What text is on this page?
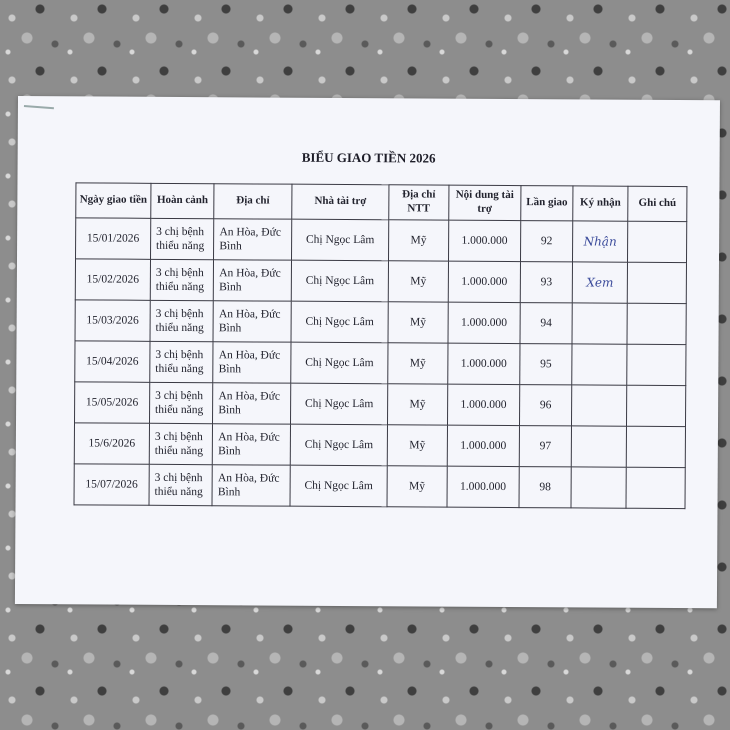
BIỂU GIAO TIỀN 2026
Ngày giao tiền	Hoàn cảnh	Địa chỉ	Nhà tài trợ	Địa chỉ NTT	Nội dung tài trợ	Lần giao	Ký nhận	Ghi chú
15/01/2026	3 chị bệnh thiểu năng	An Hòa, Đức Bình	Chị Ngọc Lâm	Mỹ	1.000.000	92	Nhận	
15/02/2026	3 chị bệnh thiểu năng	An Hòa, Đức Bình	Chị Ngọc Lâm	Mỹ	1.000.000	93	Xem	
15/03/2026	3 chị bệnh thiểu năng	An Hòa, Đức Bình	Chị Ngọc Lâm	Mỹ	1.000.000	94		
15/04/2026	3 chị bệnh thiểu năng	An Hòa, Đức Bình	Chị Ngọc Lâm	Mỹ	1.000.000	95		
15/05/2026	3 chị bệnh thiểu năng	An Hòa, Đức Bình	Chị Ngọc Lâm	Mỹ	1.000.000	96		
15/6/2026	3 chị bệnh thiểu năng	An Hòa, Đức Bình	Chị Ngọc Lâm	Mỹ	1.000.000	97		
15/07/2026	3 chị bệnh thiểu năng	An Hòa, Đức Bình	Chị Ngọc Lâm	Mỹ	1.000.000	98		
